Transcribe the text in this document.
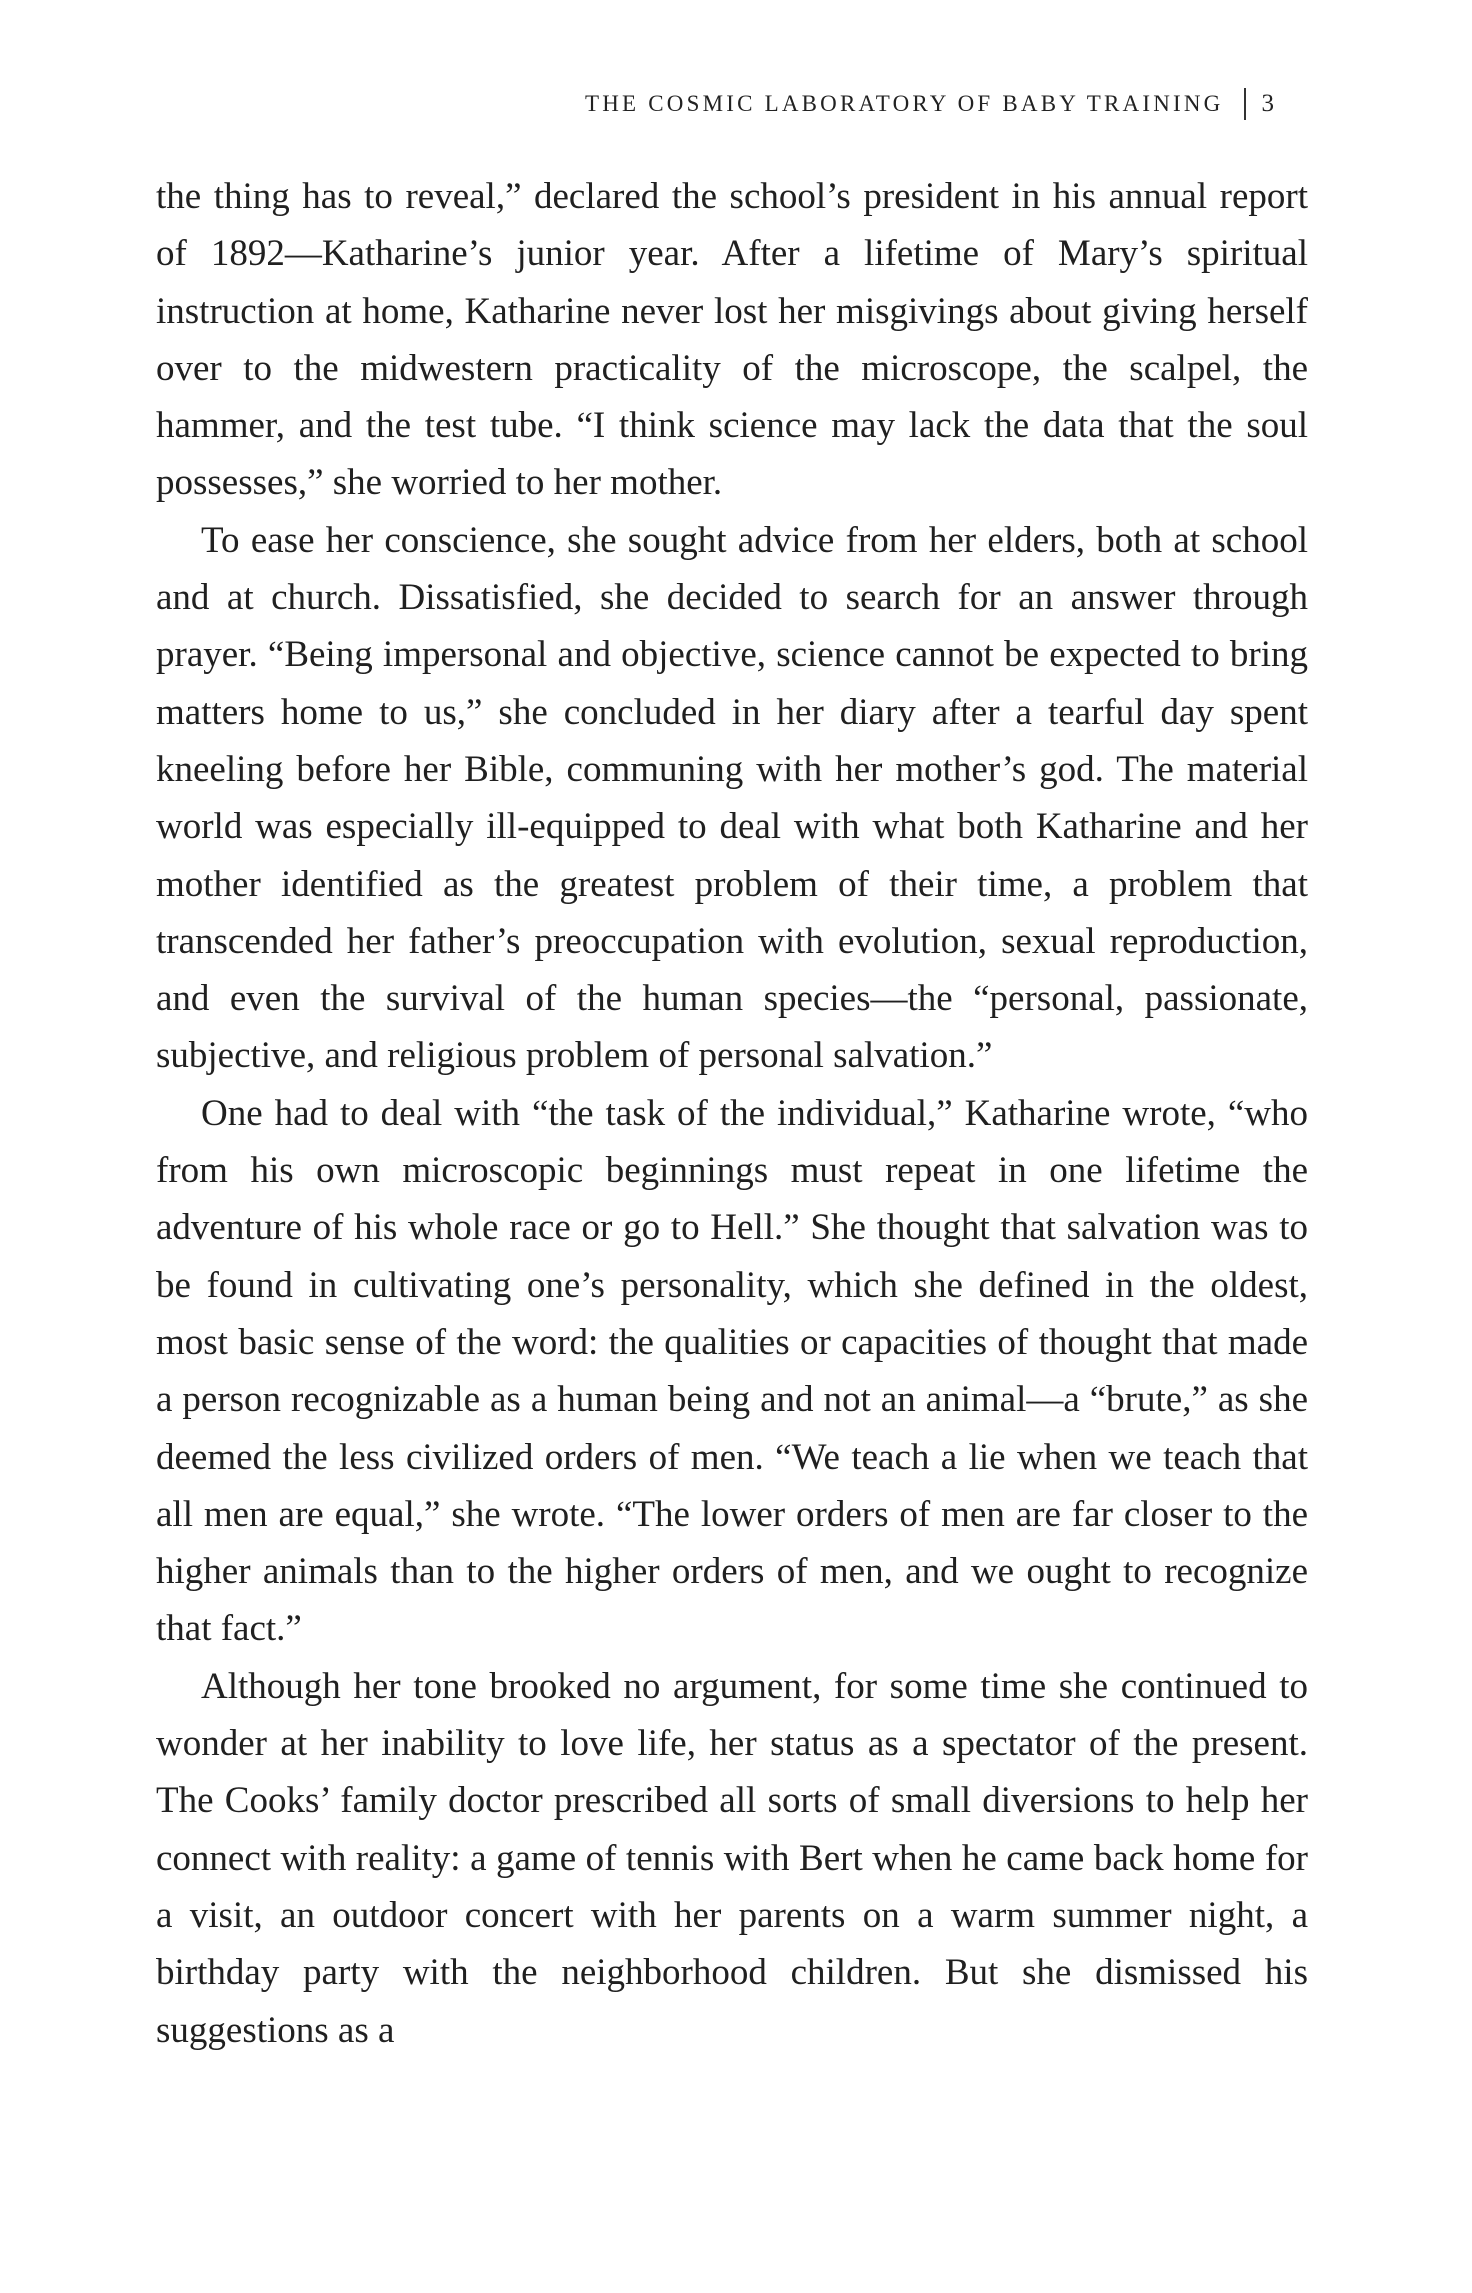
THE COSMIC LABORATORY OF BABY TRAINING 3

the thing has to reveal,” declared the school’s president in his annual report of 1892—Katharine’s junior year. After a lifetime of Mary’s spiritual instruction at home, Katharine never lost her misgivings about giving herself over to the midwestern practicality of the microscope, the scalpel, the hammer, and the test tube. “I think science may lack the data that the soul possesses,” she worried to her mother.

To ease her conscience, she sought advice from her elders, both at school and at church. Dissatisfied, she decided to search for an answer through prayer. “Being impersonal and objective, science cannot be expected to bring matters home to us,” she concluded in her diary after a tearful day spent kneeling before her Bible, communing with her mother’s god. The material world was especially ill-equipped to deal with what both Katharine and her mother identified as the greatest problem of their time, a problem that transcended her father’s preoccupation with evolution, sexual reproduction, and even the survival of the human species—the “personal, passionate, subjective, and religious problem of personal salvation.”

One had to deal with “the task of the individual,” Katharine wrote, “who from his own microscopic beginnings must repeat in one lifetime the adventure of his whole race or go to Hell.” She thought that salvation was to be found in cultivating one’s personality, which she defined in the oldest, most basic sense of the word: the qualities or capacities of thought that made a person recognizable as a human being and not an animal—a “brute,” as she deemed the less civilized orders of men. “We teach a lie when we teach that all men are equal,” she wrote. “The lower orders of men are far closer to the higher animals than to the higher orders of men, and we ought to recognize that fact.”

Although her tone brooked no argument, for some time she continued to wonder at her inability to love life, her status as a spectator of the present. The Cooks’ family doctor prescribed all sorts of small diversions to help her connect with reality: a game of tennis with Bert when he came back home for a visit, an outdoor concert with her parents on a warm summer night, a birthday party with the neighborhood children. But she dismissed his suggestions as a
